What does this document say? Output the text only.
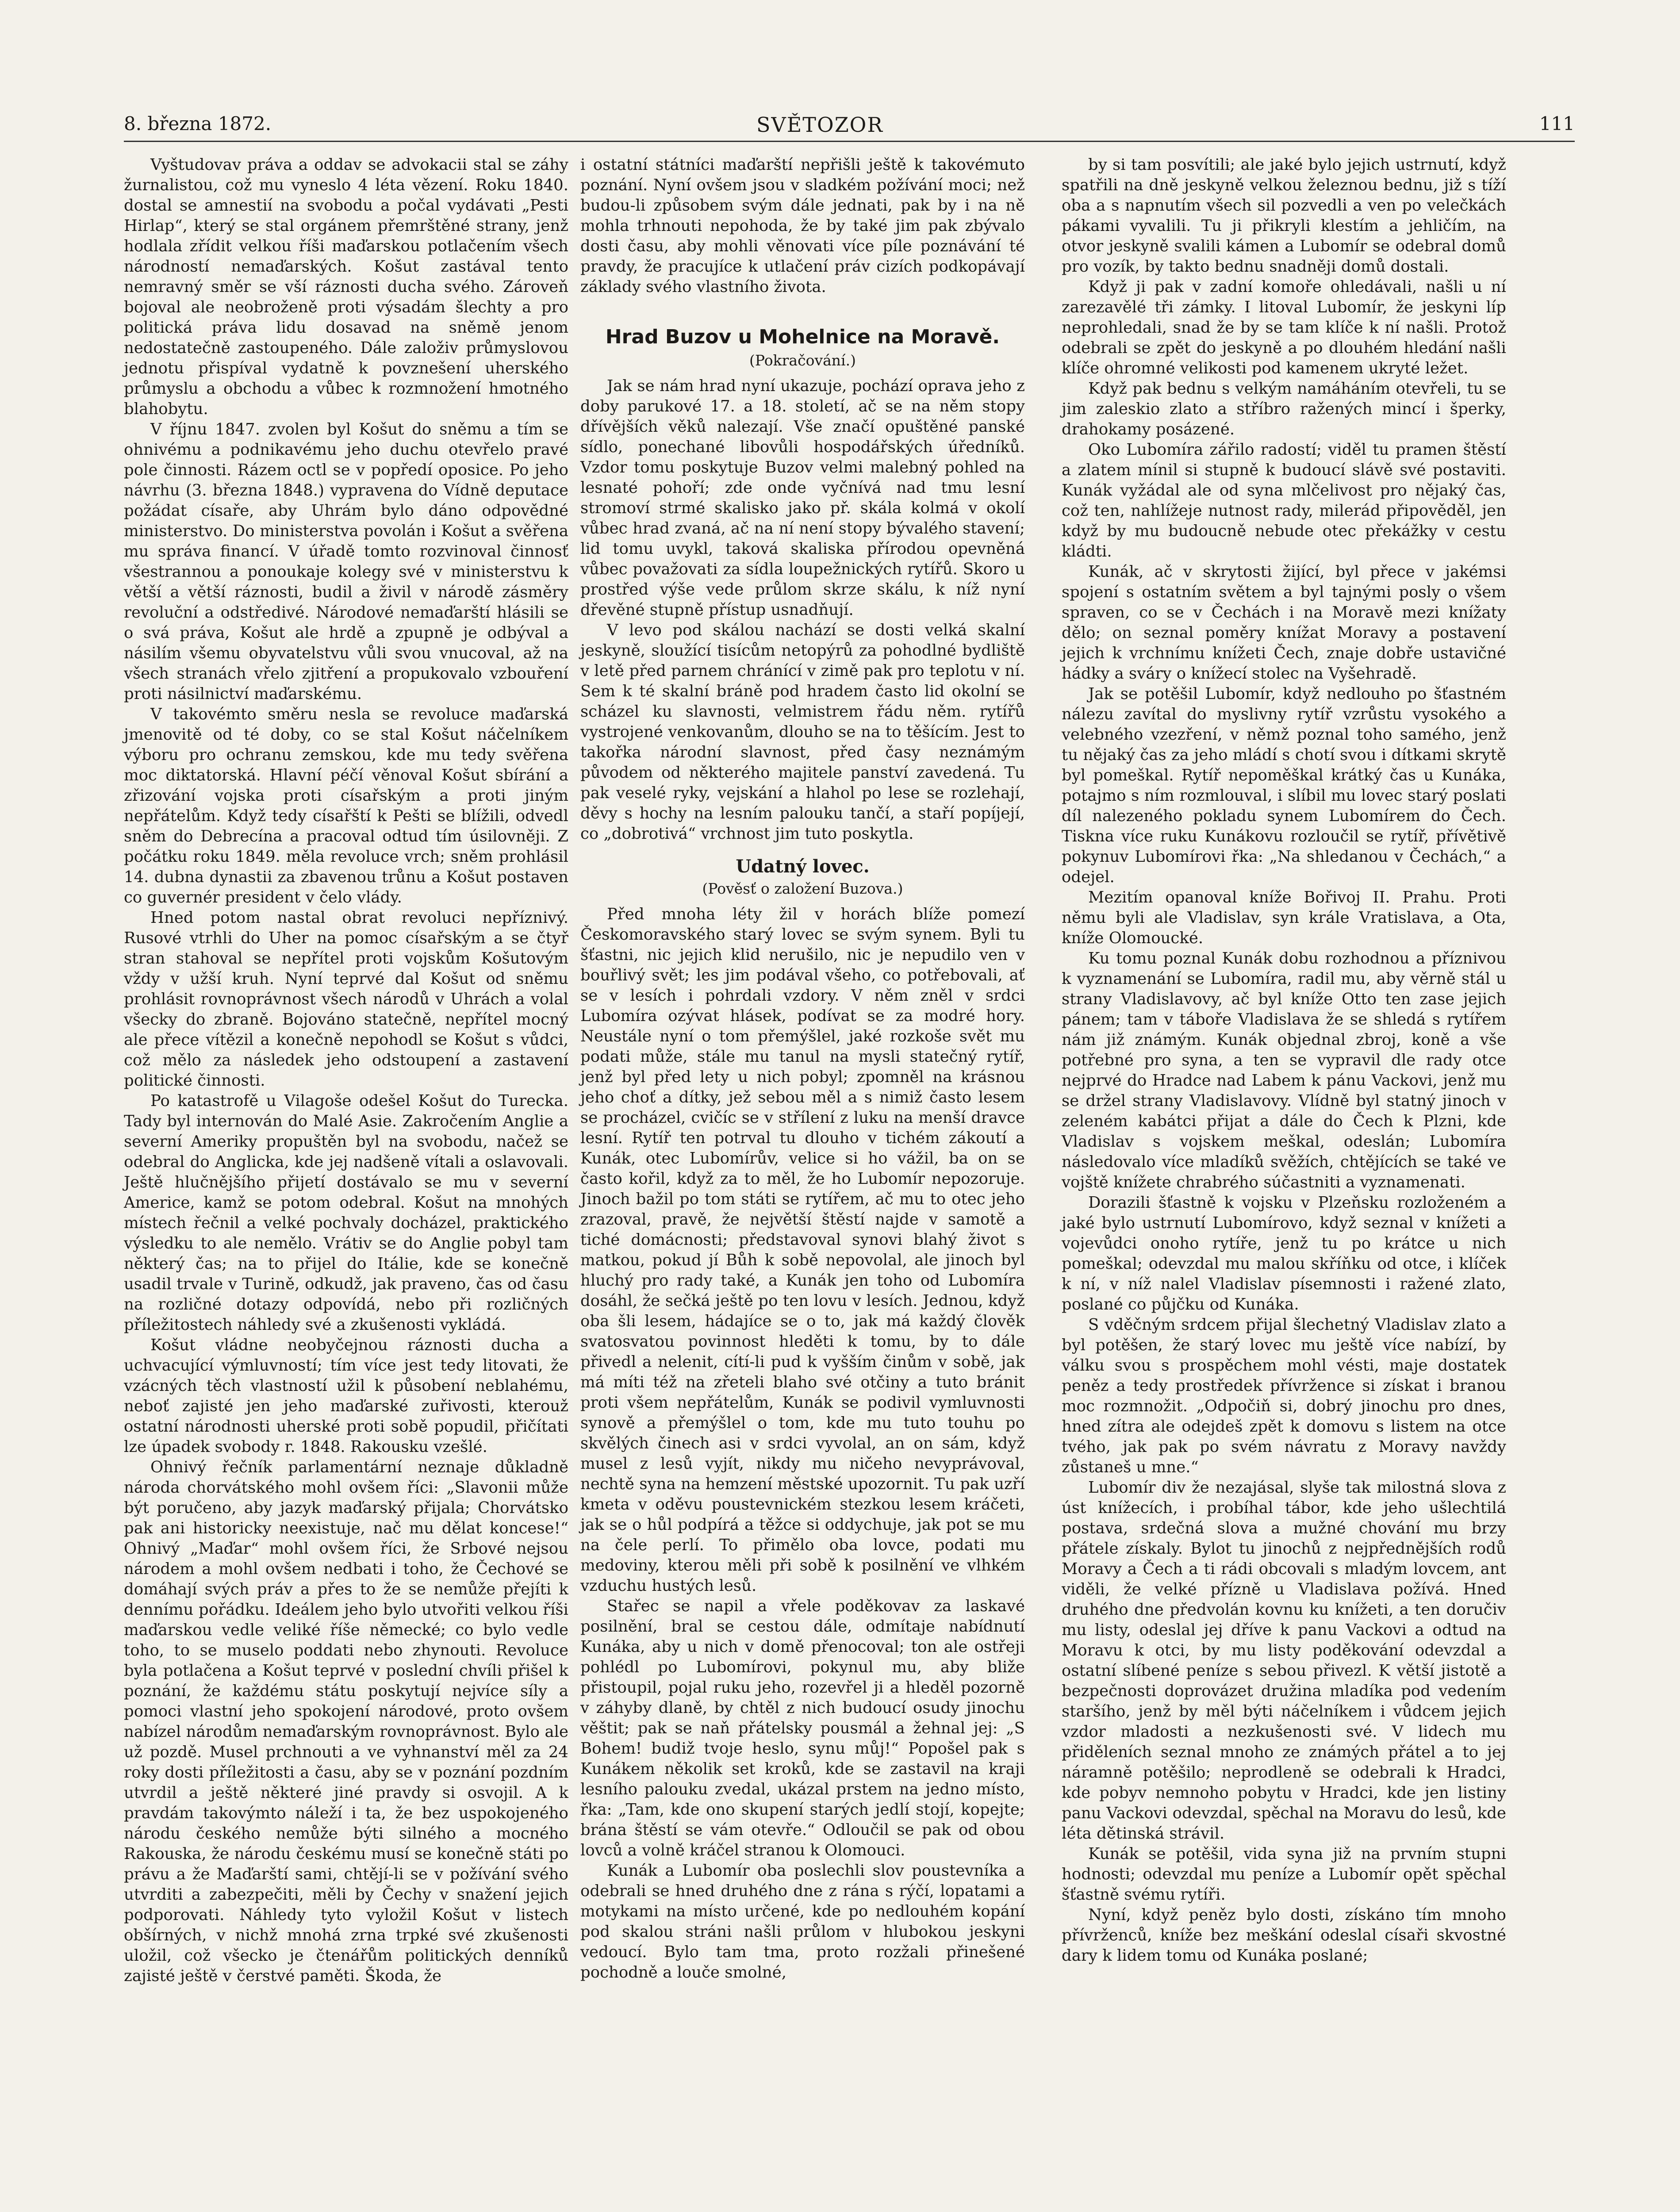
8. března 1872.	SVĚTOZOR	111

Vyštudovav práva a oddav se advokacii stal se záhy žurnalistou, což mu vyneslo 4 léta vězení. Roku 1840. dostal se amnestií na svobodu a počal vydávati „Pesti Hirlap“, který se stal orgánem přemrštěné strany, jenž hodlala zřídit velkou říši maďarskou potlačením všech národností nemaďarských. Košut zastával tento nemravný směr se vší ráznosti ducha svého. Zároveň bojoval ale neobroženě proti výsadám šlechty a pro politická práva lidu dosavad na sněmě jenom nedostatečně zastoupeného. Dále založiv průmyslovou jednotu přispíval vydatně k povznešení uherského průmyslu a obchodu a vůbec k rozmnožení hmotného blahobytu.

V říjnu 1847. zvolen byl Košut do sněmu a tím se ohnivému a podnikavému jeho duchu otevřelo pravé pole činnosti. Rázem octl se v popředí oposice. Po jeho návrhu (3. března 1848.) vypravena do Vídně deputace požádat císaře, aby Uhrám bylo dáno odpovědné ministerstvo. Do ministerstva povolán i Košut a svěřena mu správa financí. V úřadě tomto rozvinoval činnosť všestrannou a ponoukaje kolegy své v ministerstvu k větší a větší ráznosti, budil a živil v národě zásměry revoluční a odstředivé. Národové nemaďarští hlásili se o svá práva, Košut ale hrdě a zpupně je odbýval a násilím všemu obyvatelstvu vůli svou vnucoval, až na všech stranách vřelo zjitření a propukovalo vzbouření proti násilnictví maďarskému.

V takovémto směru nesla se revoluce maďarská jmenovitě od té doby, co se stal Košut náčelníkem výboru pro ochranu zemskou, kde mu tedy svěřena moc diktatorská. Hlavní péčí věnoval Košut sbírání a zřizování vojska proti císařským a proti jiným nepřátelům. Když tedy císařští k Pešti se blížili, odvedl sněm do Debrecína a pracoval odtud tím úsilovněji. Z počátku roku 1849. měla revoluce vrch; sněm prohlásil 14. dubna dynastii za zbavenou trůnu a Košut postaven co guvernér president v čelo vlády.

Hned potom nastal obrat revoluci nepříznivý. Rusové vtrhli do Uher na pomoc císařským a se čtyř stran stahoval se nepřítel proti vojskům Košutovým vždy v užší kruh. Nyní teprvé dal Košut od sněmu prohlásit rovnoprávnost všech národů v Uhrách a volal všecky do zbraně. Bojováno statečně, nepřítel mocný ale přece vítězil a konečně nepohodl se Košut s vůdci, což mělo za následek jeho odstoupení a zastavení politické činnosti.

Po katastrofě u Vilagoše odešel Košut do Turecka. Tady byl internován do Malé Asie. Zakročením Anglie a severní Ameriky propuštěn byl na svobodu, načež se odebral do Anglicka, kde jej nadšeně vítali a oslavovali. Ještě hlučnějšího přijetí dostávalo se mu v severní Americe, kamž se potom odebral. Košut na mnohých místech řečnil a velké pochvaly docházel, praktického výsledku to ale nemělo. Vrátiv se do Anglie pobyl tam některý čas; na to přijel do Itálie, kde se konečně usadil trvale v Turině, odkudž, jak praveno, čas od času na rozličné dotazy odpovídá, nebo při rozličných příležitostech náhledy své a zkušenosti vykládá.

Košut vládne neobyčejnou ráznosti ducha a uchvacující výmluvností; tím více jest tedy litovati, že vzácných těch vlastností užil k působení neblahému, neboť zajisté jen jeho maďarské zuřivosti, kterouž ostatní národnosti uherské proti sobě popudil, přičítati lze úpadek svobody r. 1848. Rakousku vzešlé.

Ohnivý řečník parlamentární neznaje důkladně národa chorvátského mohl ovšem říci: „Slavonii může být poručeno, aby jazyk maďarský přijala; Chorvátsko pak ani historicky neexistuje, nač mu dělat koncese!“ Ohnivý „Maďar“ mohl ovšem říci, že Srbové nejsou národem a mohl ovšem nedbati i toho, že Čechové se domáhají svých práv a přes to že se nemůže přejíti k dennímu pořádku. Ideálem jeho bylo utvořiti velkou říši maďarskou vedle veliké říše německé; co bylo vedle toho, to se muselo poddati nebo zhynouti. Revoluce byla potlačena a Košut teprvé v poslední chvíli přišel k poznání, že každému státu poskytují nejvíce síly a pomoci vlastní jeho spokojení národové, proto ovšem nabízel národům nemaďarským rovnoprávnost. Bylo ale už pozdě. Musel prchnouti a ve vyhnanství měl za 24 roky dosti příležitosti a času, aby se v poznání pozdním utvrdil a ještě některé jiné pravdy si osvojil. A k pravdám takovýmto náleží i ta, že bez uspokojeného národu českého nemůže býti silného a mocného Rakouska, že národu českému musí se konečně státi po právu a že Maďarští sami, chtějí-li se v požívání svého utvrditi a zabezpečiti, měli by Čechy v snažení jejich podporovati. Náhledy tyto vyložil Košut v listech obšírných, v nichž mnohá zrna trpké své zkušenosti uložil, což všecko je čtenářům politických denníků zajisté ještě v čerstvé paměti. Škoda, že

i ostatní státníci maďarští nepřišli ještě k takovémuto poznání. Nyní ovšem jsou v sladkém požívání moci; než budou-li způsobem svým dále jednati, pak by i na ně mohla trhnouti nepohoda, že by také jim pak zbývalo dosti času, aby mohli věnovati více píle poznávání té pravdy, že pracujíce k utlačení práv cizích podkopávají základy svého vlastního života.

Hrad Buzov u Mohelnice na Moravě.
(Pokračování.)

Jak se nám hrad nyní ukazuje, pochází oprava jeho z doby parukové 17. a 18. století, ač se na něm stopy dřívějších věků nalezají. Vše značí opuštěné panské sídlo, ponechané libovůli hospodářských úředníků. Vzdor tomu poskytuje Buzov velmi malebný pohled na lesnaté pohoří; zde onde vyčnívá nad tmu lesní stromoví strmé skalisko jako př. skála kolmá v okolí vůbec hrad zvaná, ač na ní není stopy bývalého stavení; lid tomu uvykl, taková skaliska přírodou opevněná vůbec považovati za sídla loupežnických rytířů. Skoro u prostřed výše vede průlom skrze skálu, k níž nyní dřevěné stupně přístup usnadňují.

V levo pod skálou nachází se dosti velká skalní jeskyně, sloužící tisícům netopýrů za pohodlné bydliště v letě před parnem chránící v zimě pak pro teplotu v ní. Sem k té skalní bráně pod hradem často lid okolní se scházel ku slavnosti, velmistrem řádu něm. rytířů vystrojené venkovanům, dlouho se na to těšícím. Jest to takořka národní slavnost, před časy neznámým původem od některého majitele panství zavedená. Tu pak veselé ryky, vejskání a hlahol po lese se rozlehají, děvy s hochy na lesním palouku tančí, a staří popíjejí, co „dobrotivá“ vrchnost jim tuto poskytla.

Udatný lovec.
(Pověsť o založení Buzova.)

Před mnoha léty žil v horách blíže pomezí Českomoravského starý lovec se svým synem. Byli tu šťastni, nic jejich klid nerušilo, nic je nepudilo ven v bouřlivý svět; les jim podával všeho, co potřebovali, ať se v lesích i pohrdali vzdory. V něm zněl v srdci Lubomíra ozývat hlásek, podívat se za modré hory. Neustále nyní o tom přemýšlel, jaké rozkoše svět mu podati může, stále mu tanul na mysli statečný rytíř, jenž byl před lety u nich pobyl; zpomněl na krásnou jeho choť a dítky, jež sebou měl a s nimiž často lesem se procházel, cvičíc se v střílení z luku na menší dravce lesní. Rytíř ten potrval tu dlouho v tichém zákoutí a Kunák, otec Lubomírův, velice si ho vážil, ba on se často kořil, když za to měl, že ho Lubomír nepozoruje. Jinoch bažil po tom státi se rytířem, ač mu to otec jeho zrazoval, pravě, že největší štěstí najde v samotě a tiché domácnosti; představoval synovi blahý život s matkou, pokud jí Bůh k sobě nepovolal, ale jinoch byl hluchý pro rady také, a Kunák jen toho od Lubomíra dosáhl, že sečká ještě po ten lovu v lesích. Jednou, když oba šli lesem, hádajíce se o to, jak má každý člověk svatosvatou povinnost hleděti k tomu, by to dále přivedl a nelenit, cítí-li pud k vyšším činům v sobě, jak má míti též na zřeteli blaho své otčiny a tuto bránit proti všem nepřátelům, Kunák se podivil vymluvnosti synově a přemýšlel o tom, kde mu tuto touhu po skvělých činech asi v srdci vyvolal, an on sám, když musel z lesů vyjít, nikdy mu ničeho nevyprávoval, nechtě syna na hemzení městské upozornit. Tu pak uzří kmeta v oděvu poustevnickém stezkou lesem kráčeti, jak se o hůl podpírá a těžce si oddychuje, jak pot se mu na čele perlí. To přimělo oba lovce, podati mu medoviny, kterou měli při sobě k posilnění ve vlhkém vzduchu hustých lesů.

Stařec se napil a vřele poděkovav za laskavé posilnění, bral se cestou dále, odmítaje nabídnutí Kunáka, aby u nich v domě přenocoval; ton ale ostřeji pohlédl po Lubomírovi, pokynul mu, aby bliže přistoupil, pojal ruku jeho, rozevřel ji a hleděl pozorně v záhyby dlaně, by chtěl z nich budoucí osudy jinochu věštit; pak se naň přátelsky pousmál a žehnal jej: „S Bohem! budiž tvoje heslo, synu můj!“ Popošel pak s Kunákem několik set kroků, kde se zastavil na kraji lesního palouku zvedal, ukázal prstem na jedno místo, řka: „Tam, kde ono skupení starých jedlí stojí, kopejte; brána štěstí se vám otevře.“ Odloučil se pak od obou lovců a volně kráčel stranou k Olomouci.

Kunák a Lubomír oba poslechli slov poustevníka a odebrali se hned druhého dne z rána s rýčí, lopatami a motykami na místo určené, kde po nedlouhém kopání pod skalou stráni našli průlom v hlubokou jeskyni vedoucí. Bylo tam tma, proto rozžali přinešené pochodně a louče smolné,

by si tam posvítili; ale jaké bylo jejich ustrnutí, když spatřili na dně jeskyně velkou železnou bednu, již s tíží oba a s napnutím všech sil pozvedli a ven po velečkách pákami vyvalili. Tu ji přikryli klestím a jehličím, na otvor jeskyně svalili kámen a Lubomír se odebral domů pro vozík, by takto bednu snadněji domů dostali.

Když ji pak v zadní komoře ohledávali, našli u ní zarezavělé tři zámky. I litoval Lubomír, že jeskyni líp neprohledali, snad že by se tam klíče k ní našli. Protož odebrali se zpět do jeskyně a po dlouhém hledání našli klíče ohromné velikosti pod kamenem ukryté ležet.

Když pak bednu s velkým namáháním otevřeli, tu se jim zaleskio zlato a stříbro ražených mincí i šperky, drahokamy posázené.

Oko Lubomíra zářilo radostí; viděl tu pramen štěstí a zlatem mínil si stupně k budoucí slávě své postaviti. Kunák vyžádal ale od syna mlčelivost pro nějaký čas, což ten, nahlížeje nutnost rady, milerád připověděl, jen když by mu budoucně nebude otec překážky v cestu kládti.

Kunák, ač v skrytosti žijící, byl přece v jakémsi spojení s ostatním světem a byl tajnými posly o všem spraven, co se v Čechách i na Moravě mezi knížaty dělo; on seznal poměry knížat Moravy a postavení jejich k vrchnímu knížeti Čech, znaje dobře ustavičné hádky a sváry o knížecí stolec na Vyšehradě.

Jak se potěšil Lubomír, když nedlouho po šťastném nálezu zavítal do myslivny rytíř vzrůstu vysokého a velebného vzezření, v němž poznal toho samého, jenž tu nějaký čas za jeho mládí s chotí svou i dítkami skrytě byl pomeškal. Rytíř nepoměškal krátký čas u Kunáka, potajmo s ním rozmlouval, i slíbil mu lovec starý poslati díl nalezeného pokladu synem Lubomírem do Čech. Tiskna více ruku Kunákovu rozloučil se rytíř, přívětivě pokynuv Lubomírovi řka: „Na shledanou v Čechách,“ a odejel.

Mezitím opanoval kníže Bořivoj II. Prahu. Proti němu byli ale Vladislav, syn krále Vratislava, a Ota, kníže Olomoucké.

Ku tomu poznal Kunák dobu rozhodnou a příznivou k vyznamenání se Lubomíra, radil mu, aby věrně stál u strany Vladislavovy, ač byl kníže Otto ten zase jejich pánem; tam v táboře Vladislava že se shledá s rytířem nám již známým. Kunák objednal zbroj, koně a vše potřebné pro syna, a ten se vypravil dle rady otce nejprvé do Hradce nad Labem k pánu Vackovi, jenž mu se držel strany Vladislavovy. Vlídně byl statný jinoch v zeleném kabátci přijat a dále do Čech k Plzni, kde Vladislav s vojskem meškal, odeslán; Lubomíra následovalo více mladíků svěžích, chtějících se také ve vojště knížete chrabrého súčastniti a vyznamenati.

Dorazili šťastně k vojsku v Plzeňsku rozloženém a jaké bylo ustrnutí Lubomírovo, když seznal v knížeti a vojevůdci onoho rytíře, jenž tu po krátce u nich pomeškal; odevzdal mu malou skříňku od otce, i klíček k ní, v níž nalel Vladislav písemnosti i ražené zlato, poslané co půjčku od Kunáka.

S vděčným srdcem přijal šlechetný Vladislav zlato a byl potěšen, že starý lovec mu ještě více nabízí, by válku svou s prospěchem mohl vésti, maje dostatek peněz a tedy prostředek přívržence si získat i branou moc rozmnožit. „Odpočiň si, dobrý jinochu pro dnes, hned zítra ale odejdeš zpět k domovu s listem na otce tvého, jak pak po svém návratu z Moravy navždy zůstaneš u mne.“

Lubomír div že nezajásal, slyše tak milostná slova z úst knížecích, i probíhal tábor, kde jeho ušlechtilá postava, srdečná slova a mužné chování mu brzy přátele získaly. Bylot tu jinochů z nejpřednějších rodů Moravy a Čech a ti rádi obcovali s mladým lovcem, ant viděli, že velké přízně u Vladislava požívá. Hned druhého dne předvolán kovnu ku knížeti, a ten doručiv mu listy, odeslal jej dříve k panu Vackovi a odtud na Moravu k otci, by mu listy poděkování odevzdal a ostatní slíbené peníze s sebou přivezl. K větší jistotě a bezpečnosti doprovázet družina mladíka pod vedením staršího, jenž by měl býti náčelníkem i vůdcem jejich vzdor mladosti a nezkušenosti své. V lidech mu přiděleních seznal mnoho ze známých přátel a to jej náramně potěšilo; neprodleně se odebrali k Hradci, kde pobyv nemnoho pobytu v Hradci, kde jen listiny panu Vackovi odevzdal, spěchal na Moravu do lesů, kde léta dětinská strávil.

Kunák se potěšil, vida syna již na prvním stupni hodnosti; odevzdal mu peníze a Lubomír opět spěchal šťastně svému rytíři.

Nyní, když peněz bylo dosti, získáno tím mnoho přívrženců, kníže bez meškání odeslal císaři skvostné dary k lidem tomu od Kunáka poslané;
